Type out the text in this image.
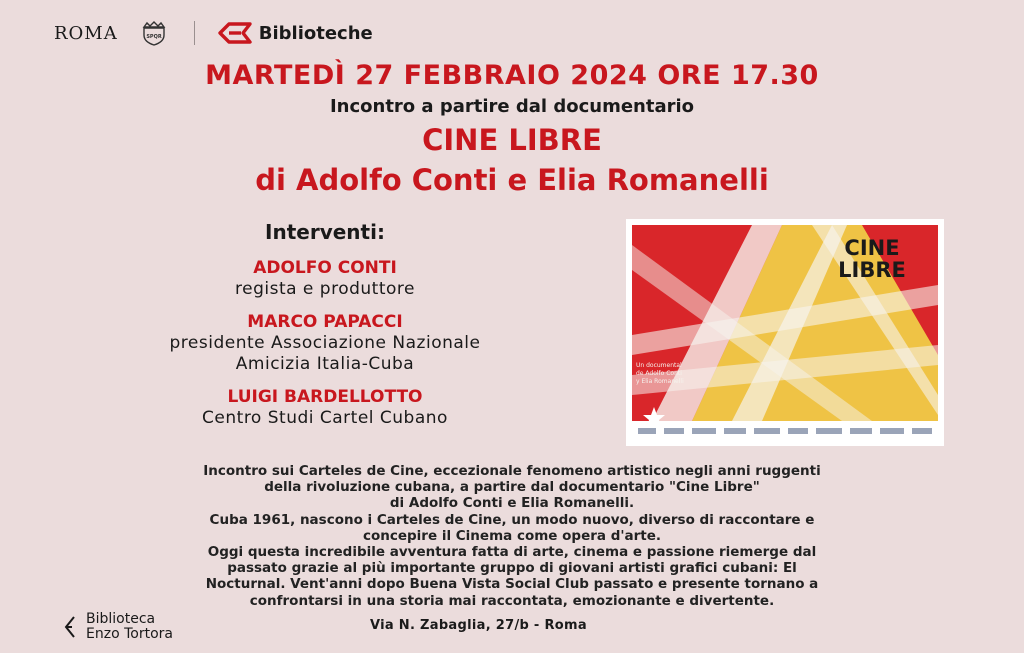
ROMA	SPQR	Biblioteche
MARTEDÌ 27 FEBBRAIO 2024 ORE 17.30
Incontro a partire dal documentario
CINE LIBRE
di Adolfo Conti e Elia Romanelli
Interventi:
ADOLFO CONTI
regista e produttore
MARCO PAPACCI
presidente Associazione Nazionale
Amicizia Italia-Cuba
LUIGI BARDELLOTTO
Centro Studi Cartel Cubano
CINE
LIBRE
Un documental
de Adolfo Conti
y Elia Romanelli
Incontro sui Carteles de Cine, eccezionale fenomeno artistico negli anni ruggenti
della rivoluzione cubana, a partire dal documentario "Cine Libre"
di Adolfo Conti e Elia Romanelli.
Cuba 1961, nascono i Carteles de Cine, un modo nuovo, diverso di raccontare e
concepire il Cinema come opera d'arte.
Oggi questa incredibile avventura fatta di arte, cinema e passione riemerge dal
passato grazie al più importante gruppo di giovani artisti grafici cubani: El
Nocturnal. Vent'anni dopo Buena Vista Social Club passato e presente tornano a
confrontarsi in una storia mai raccontata, emozionante e divertente.
Biblioteca
Enzo Tortora
Via N. Zabaglia, 27/b - Roma
